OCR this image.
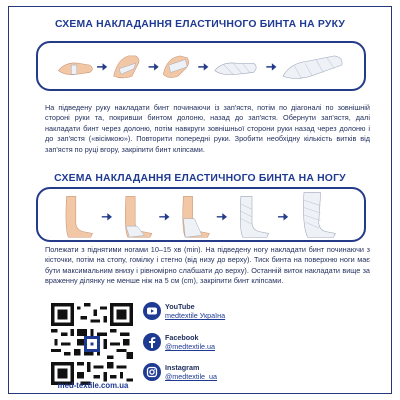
СХЕМА НАКЛАДАННЯ ЕЛАСТИЧНОГО БИНТА НА РУКУ

На підведену руку накладати бинт починаючи із зап'ястя, потім по діагоналі по зовнішній стороні руки та, покривши бинтом долоню, назад до зап'ястя. Обернути зап'ястя, далі накладати бинт через долоню, потім навкруги зовнішньої сторони руки назад через долоню і до зап'ястя («вісімкою»). Повторити попередні руки. Зробити необхідну кількість витків від зап'ястя по руці вгору, закріпити бинт кліпсами.

СХЕМА НАКЛАДАННЯ ЕЛАСТИЧНОГО БИНТА НА НОГУ

Полежати з піднятими ногами 10–15 хв (min). На підведену ногу накладати бинт починаючи з кісточки, потім на стопу, гомілку і стегно (від низу до верху). Тиск бинта на поверхню ноги має бути максимальним внизу і рівномірно слабшати до верху). Останній виток накладати вище за враженну ділянку не менше ніж на 5 см (cm), закріпити бинт кліпсами.

med-textile.com.ua
YouTube
medtextile Україна
Facebook
@medtextile.ua
Instagram
@medtextile_ua
